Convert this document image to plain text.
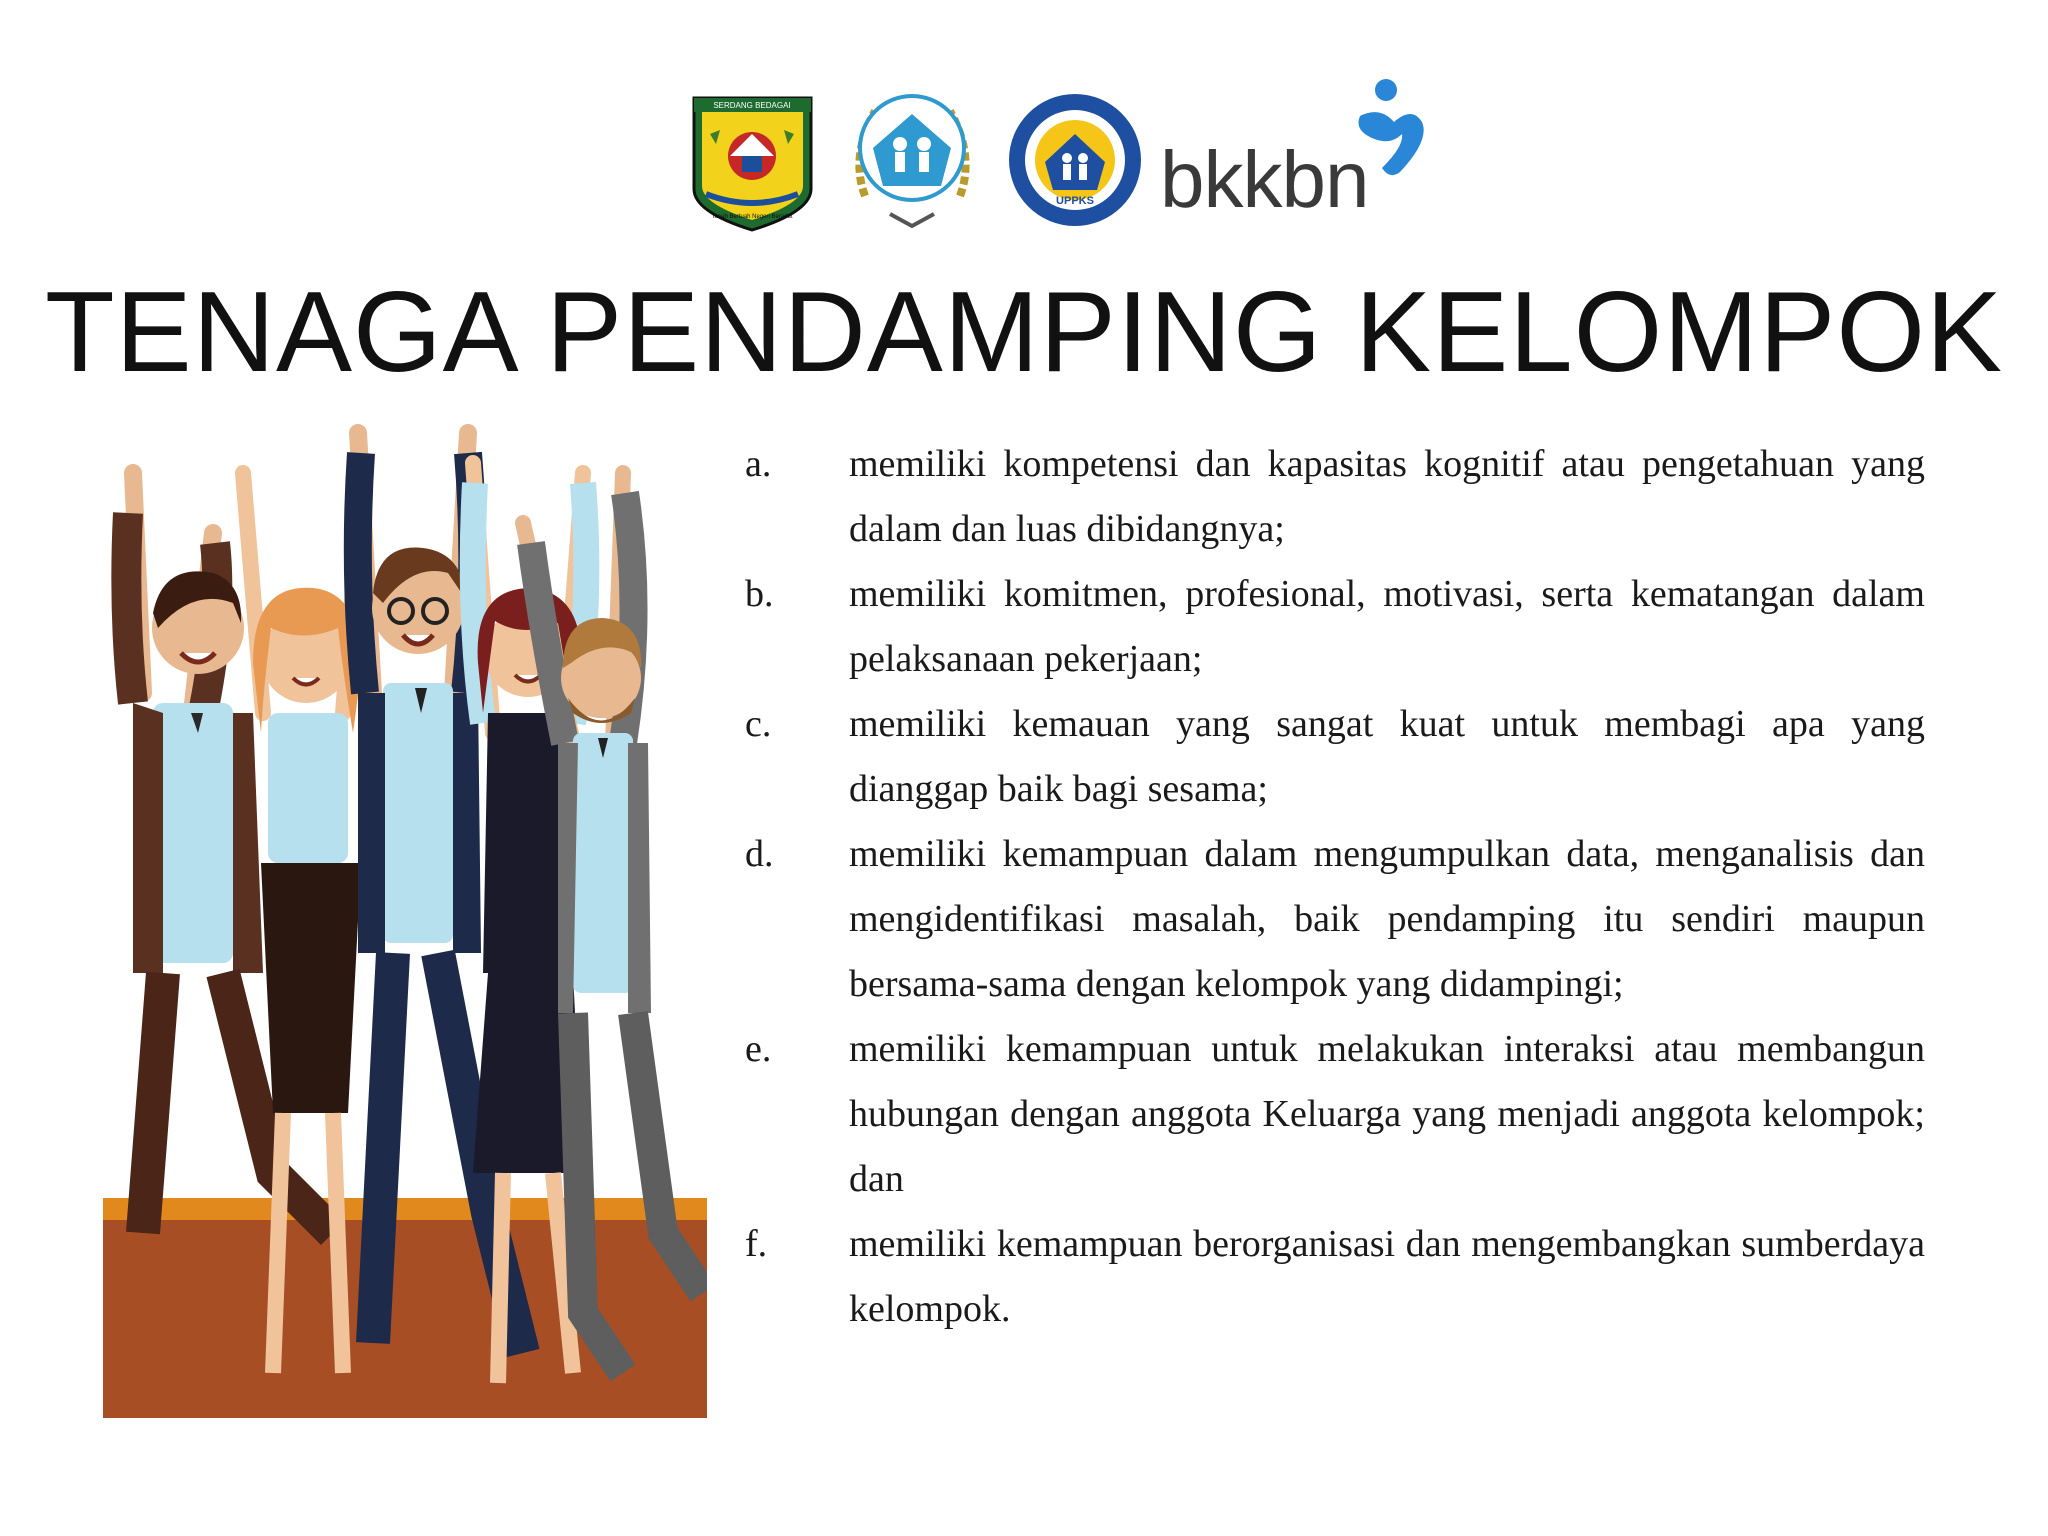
SERDANG BEDAGAI
Tanah Bertuah Negeri Beradat
UPPKS bkkbn
TENAGA PENDAMPING KELOMPOK
a.	memiliki kompetensi dan kapasitas kognitif atau pengetahuan yang dalam dan luas dibidangnya;
b.	memiliki komitmen, profesional, motivasi, serta kematangan dalam pelaksanaan pekerjaan;
c.	memiliki kemauan yang sangat kuat untuk membagi apa yang dianggap baik bagi sesama;
d.	memiliki kemampuan dalam mengumpulkan data, menganalisis dan mengidentifikasi masalah, baik pendamping itu sendiri maupun bersama-sama dengan kelompok yang didampingi;
e.	memiliki kemampuan untuk melakukan interaksi atau membangun hubungan dengan anggota Keluarga yang menjadi anggota kelompok; dan
f.	memiliki kemampuan berorganisasi dan mengembangkan sumberdaya kelompok.
